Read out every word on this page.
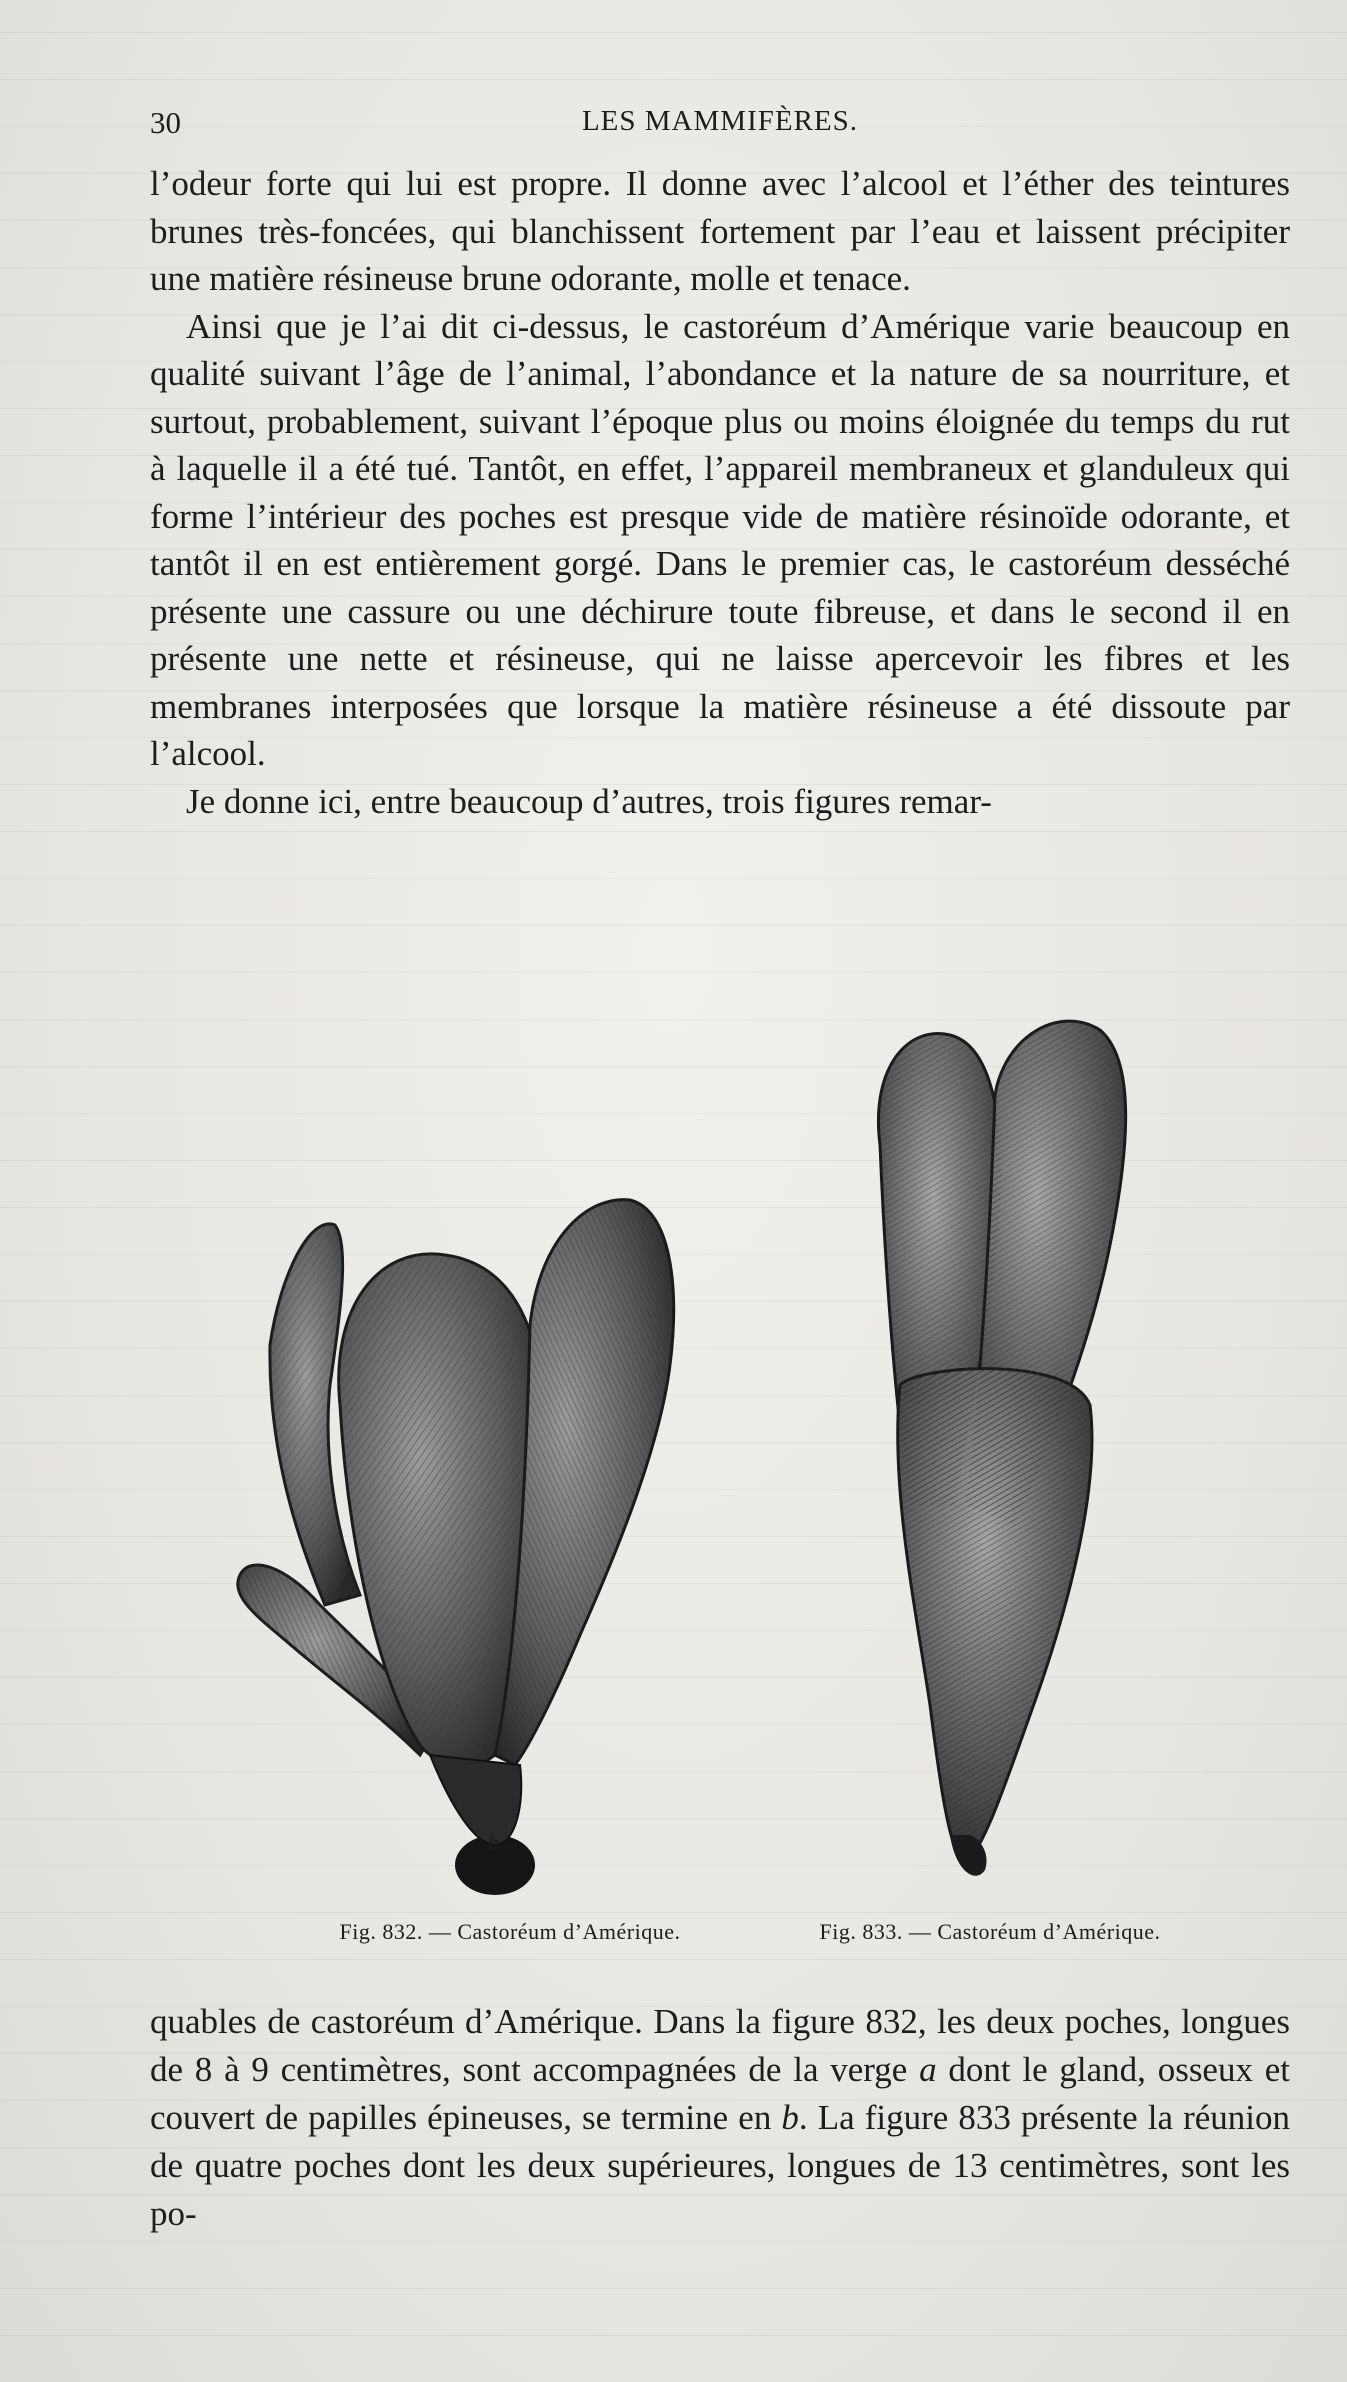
30	LES MAMMIFÈRES.

l’odeur forte qui lui est propre. Il donne avec l’alcool et l’éther des teintures brunes très-foncées, qui blanchissent fortement par l’eau et laissent précipiter une matière résineuse brune odorante, molle et tenace.

Ainsi que je l’ai dit ci-dessus, le castoréum d’Amérique varie beaucoup en qualité suivant l’âge de l’animal, l’abondance et la nature de sa nourriture, et surtout, probablement, suivant l’époque plus ou moins éloignée du temps du rut à laquelle il a été tué. Tantôt, en effet, l’appareil membraneux et glanduleux qui forme l’intérieur des poches est presque vide de matière résinoïde odorante, et tantôt il en est entièrement gorgé. Dans le premier cas, le castoréum desséché présente une cassure ou une déchirure toute fibreuse, et dans le second il en présente une nette et résineuse, qui ne laisse apercevoir les fibres et les membranes interposées que lorsque la matière résineuse a été dissoute par l’alcool.

Je donne ici, entre beaucoup d’autres, trois figures remar-

b
Fig. 832. — Castoréum d’Amérique.	Fig. 833. — Castoréum d’Amérique.

quables de castoréum d’Amérique. Dans la figure 832, les deux poches, longues de 8 à 9 centimètres, sont accompagnées de la verge a dont le gland, osseux et couvert de papilles épineuses, se termine en b. La figure 833 présente la réunion de quatre poches dont les deux supérieures, longues de 13 centimètres, sont les po-
